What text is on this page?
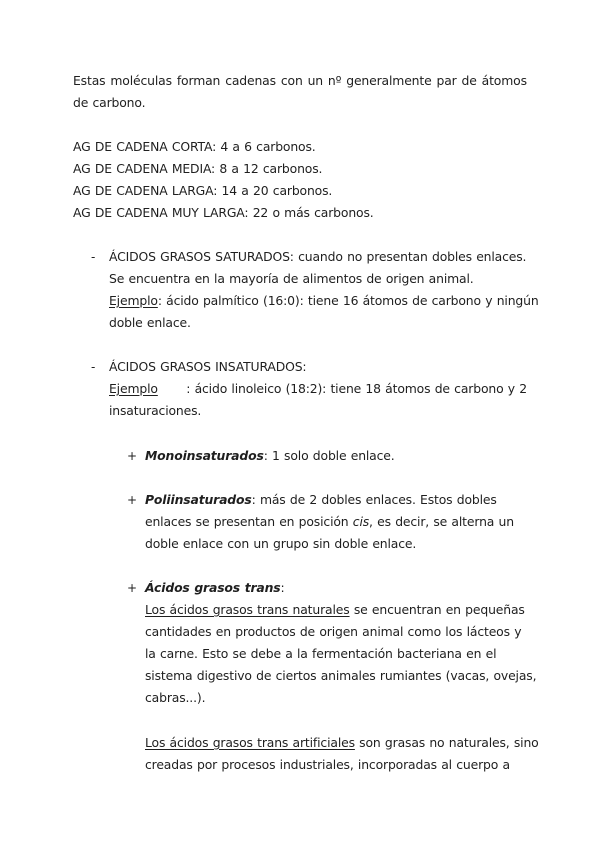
Estas moléculas forman cadenas con un nº generalmente par de átomos
de carbono.
AG DE CADENA CORTA: 4 a 6 carbonos.
AG DE CADENA MEDIA: 8 a 12 carbonos.
AG DE CADENA LARGA: 14 a 20 carbonos.
AG DE CADENA MUY LARGA: 22 o más carbonos.
- ÁCIDOS GRASOS SATURADOS: cuando no presentan dobles enlaces.
Se encuentra en la mayoría de alimentos de origen animal.
Ejemplo: ácido palmítico (16:0): tiene 16 átomos de carbono y ningún
doble enlace.
- ÁCIDOS GRASOS INSATURADOS:
Ejemplo : ácido linoleico (18:2): tiene 18 átomos de carbono y 2
insaturaciones.
+ Monoinsaturados: 1 solo doble enlace.
+ Poliinsaturados: más de 2 dobles enlaces. Estos dobles
enlaces se presentan en posición cis, es decir, se alterna un
doble enlace con un grupo sin doble enlace.
+ Ácidos grasos trans:
Los ácidos grasos trans naturales se encuentran en pequeñas
cantidades en productos de origen animal como los lácteos y
la carne. Esto se debe a la fermentación bacteriana en el
sistema digestivo de ciertos animales rumiantes (vacas, ovejas,
cabras...).
Los ácidos grasos trans artificiales son grasas no naturales, sino
creadas por procesos industriales, incorporadas al cuerpo a
